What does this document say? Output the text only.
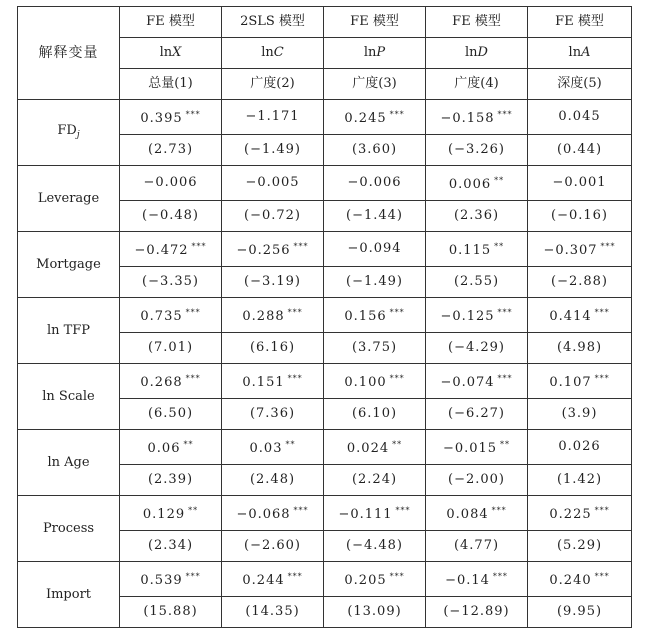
解释变量	FE 模型	2SLS 模型	FE 模型	FE 模型	FE 模型
	lnX	lnC	lnP	lnD	lnA
	总量(1)	广度(2)	广度(3)	广度(4)	深度(5)
$FD_j$	0.395 ***	−1.171	0.245 ***	−0.158 ***	0.045
	(2.73)	(−1.49)	(3.60)	(−3.26)	(0.44)
Leverage	−0.006	−0.005	−0.006	0.006 **	−0.001
	(−0.48)	(−0.72)	(−1.44)	(2.36)	(−0.16)
Mortgage	−0.472 ***	−0.256 ***	−0.094	0.115 **	−0.307 ***
	(−3.35)	(−3.19)	(−1.49)	(2.55)	(−2.88)
ln TFP	0.735 ***	0.288 ***	0.156 ***	−0.125 ***	0.414 ***
	(7.01)	(6.16)	(3.75)	(−4.29)	(4.98)
ln Scale	0.268 ***	0.151 ***	0.100 ***	−0.074 ***	0.107 ***
	(6.50)	(7.36)	(6.10)	(−6.27)	(3.9)
ln Age	0.06 **	0.03 **	0.024 **	−0.015 **	0.026
	(2.39)	(2.48)	(2.24)	(−2.00)	(1.42)
Process	0.129 **	−0.068 ***	−0.111 ***	0.084 ***	0.225 ***
	(2.34)	(−2.60)	(−4.48)	(4.77)	(5.29)
Import	0.539 ***	0.244 ***	0.205 ***	−0.14 ***	0.240 ***
	(15.88)	(14.35)	(13.09)	(−12.89)	(9.95)
